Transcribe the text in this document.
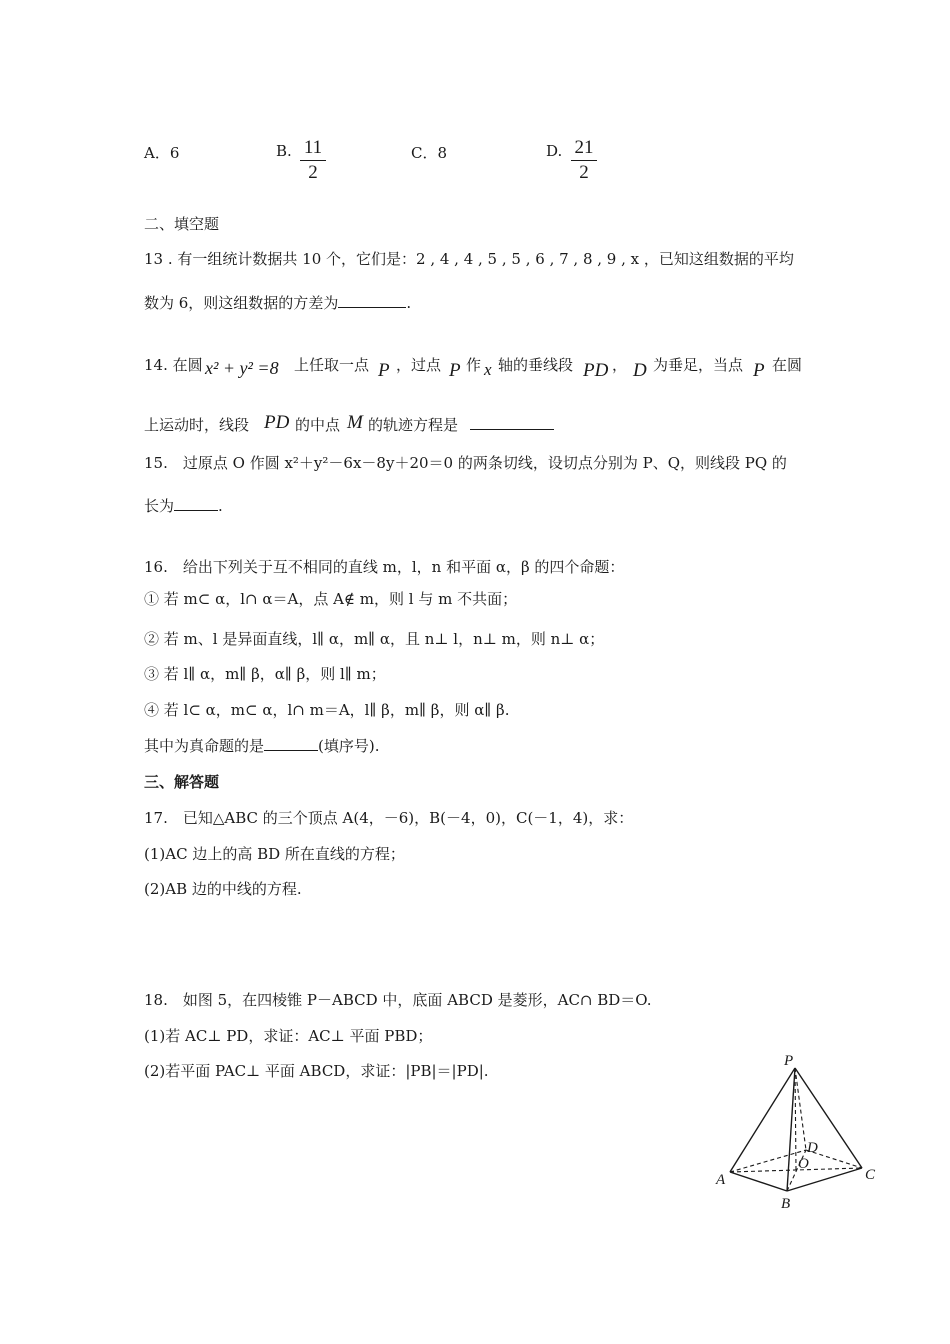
A．6	B. 11
2
C．8	D. 21
2
二、填空题
13 . 有一组统计数据共 10 个，它们是：2 , 4 , 4 , 5 , 5 , 6 , 7 , 8 , 9 , x ，已知这组数据的平均
数为 6，则这组数据的方差为	.
14. 在圆 x² + y² =8 上任取一点 P ，过点 P 作 x 轴的垂线段 PD ， D 为垂足，当点 P 在圆
上运动时，线段 PD 的中点 M 的轨迹方程是
15.　过原点 O 作圆 x²＋y²－6x－8y＋20＝0 的两条切线，设切点分别为 P、Q，则线段 PQ 的
长为	.
16.　给出下列关于互不相同的直线 m，l，n 和平面 α，β 的四个命题：
① 若 m⊂ α，l∩ α＝A，点 A∉ m，则 l 与 m 不共面；
② 若 m、l 是异面直线，l∥ α，m∥ α，且 n⊥ l，n⊥ m，则 n⊥ α；
③ 若 l∥ α，m∥ β，α∥ β，则 l∥ m；
④ 若 l⊂ α，m⊂ α，l∩ m＝A，l∥ β，m∥ β，则 α∥ β.
其中为真命题的是	(填序号).
三、解答题
17.　已知△ABC 的三个顶点 A(4，－6)，B(－4，0)，C(－1，4)，求：
(1)AC 边上的高 BD 所在直线的方程；
(2)AB 边的中线的方程.
18.　如图 5，在四棱锥 P－ABCD 中，底面 ABCD 是菱形，AC∩ BD＝O.
(1)若 AC⊥ PD，求证：AC⊥ 平面 PBD；
(2)若平面 PAC⊥ 平面 ABCD，求证：|PB|＝|PD|.
P
A
B
C
D
O
